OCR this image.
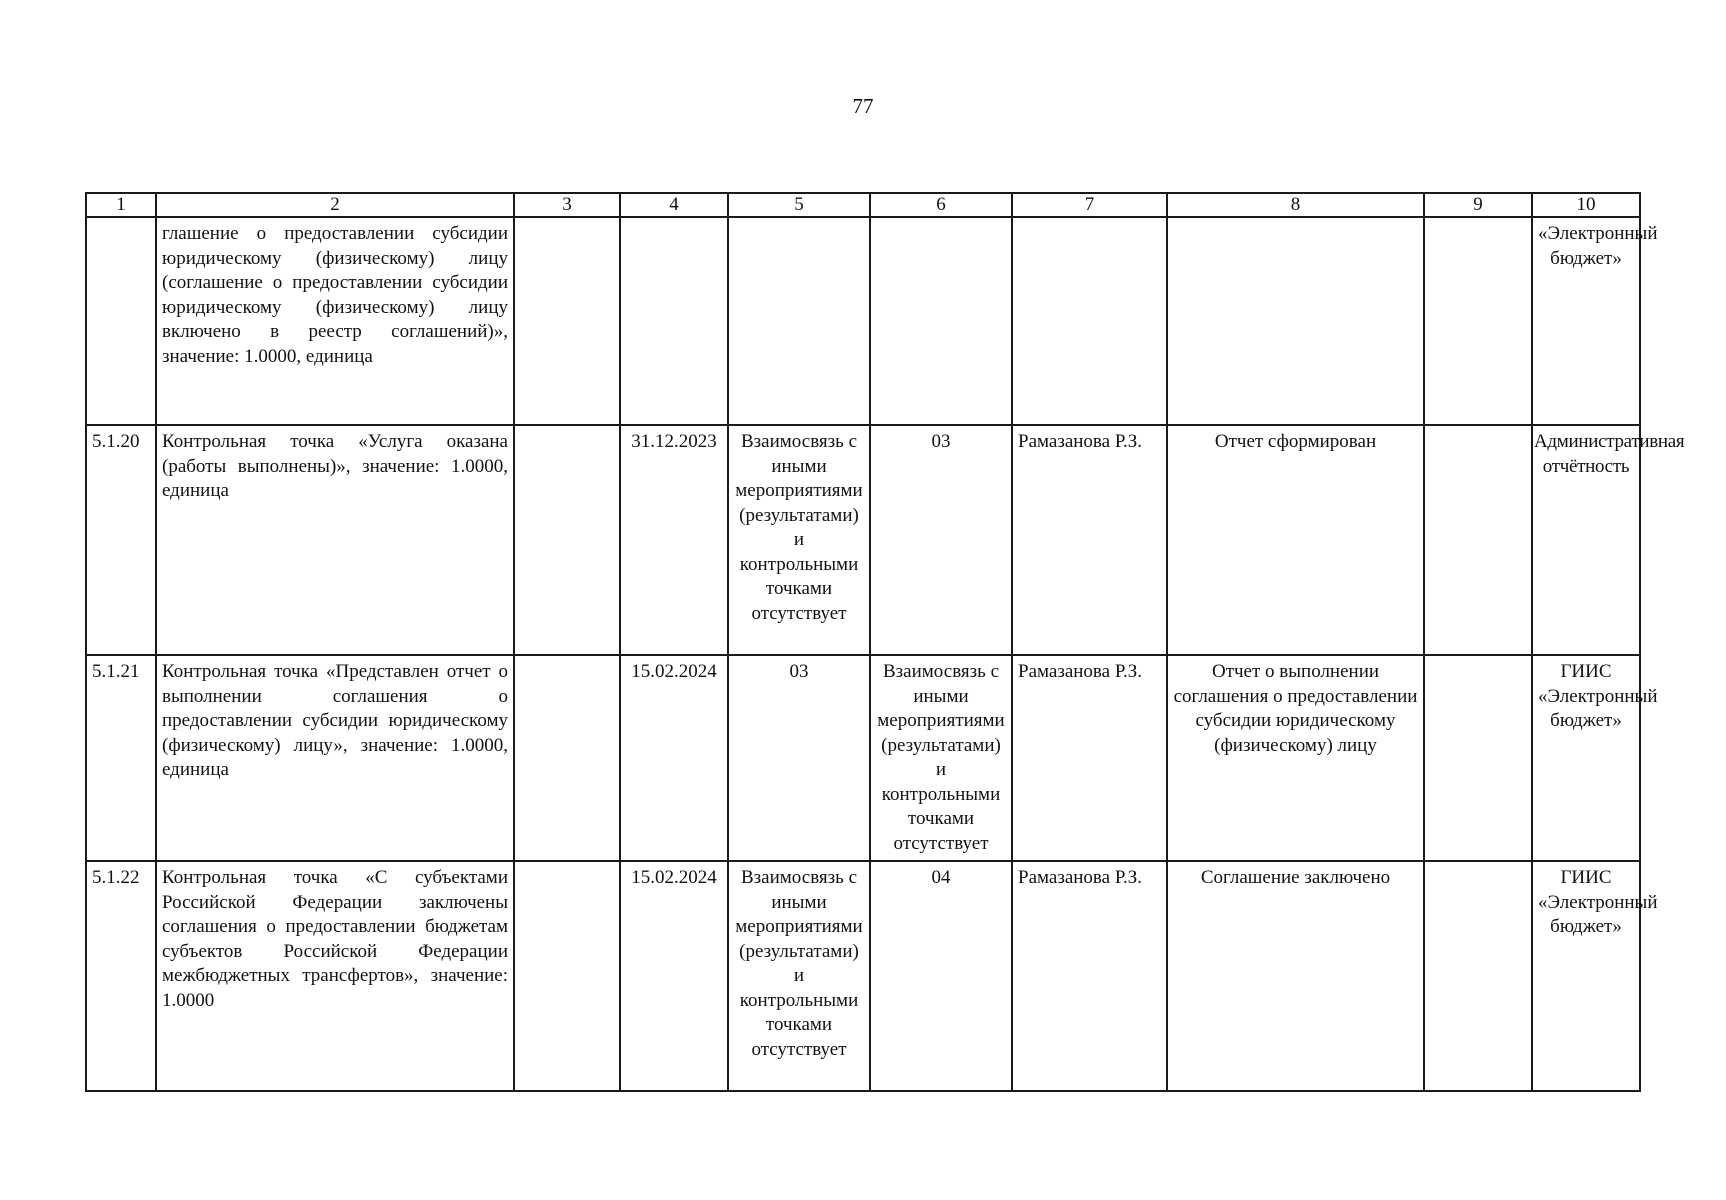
77
1	2	3	4	5	6	7	8	9	10
	глашение о предоставлении субсидии юридическому (физическому) лицу (соглашение о предоставлении субсидии юридическому (физическому) лицу включено в реестр соглашений)», значение: 1.0000, единица								«Электронный бюджет»
5.1.20	Контрольная точка «Услуга оказана (работы выполнены)», значение: 1.0000, единица		31.12.2023	Взаимосвязь с иными мероприятиями (результатами) и контрольными точками отсутствует	03	Рамазанова Р.З.	Отчет сформирован		Административная отчётность
5.1.21	Контрольная точка «Представлен отчет о выполнении соглашения о предоставлении субсидии юридическому (физическому) лицу», значение: 1.0000, единица		15.02.2024	03	Взаимосвязь с иными мероприятиями (результатами) и контрольными точками отсутствует	Рамазанова Р.З.	Отчет о выполнении соглашения о предоставлении субсидии юридическому (физическому) лицу		ГИИС «Электронный бюджет»
5.1.22	Контрольная точка «С субъектами Российской Федерации заключены соглашения о предоставлении бюджетам субъектов Российской Федерации межбюджетных трансфертов», значение: 1.0000		15.02.2024	Взаимосвязь с иными мероприятиями (результатами) и контрольными точками отсутствует	04	Рамазанова Р.З.	Соглашение заключено		ГИИС «Электронный бюджет»
